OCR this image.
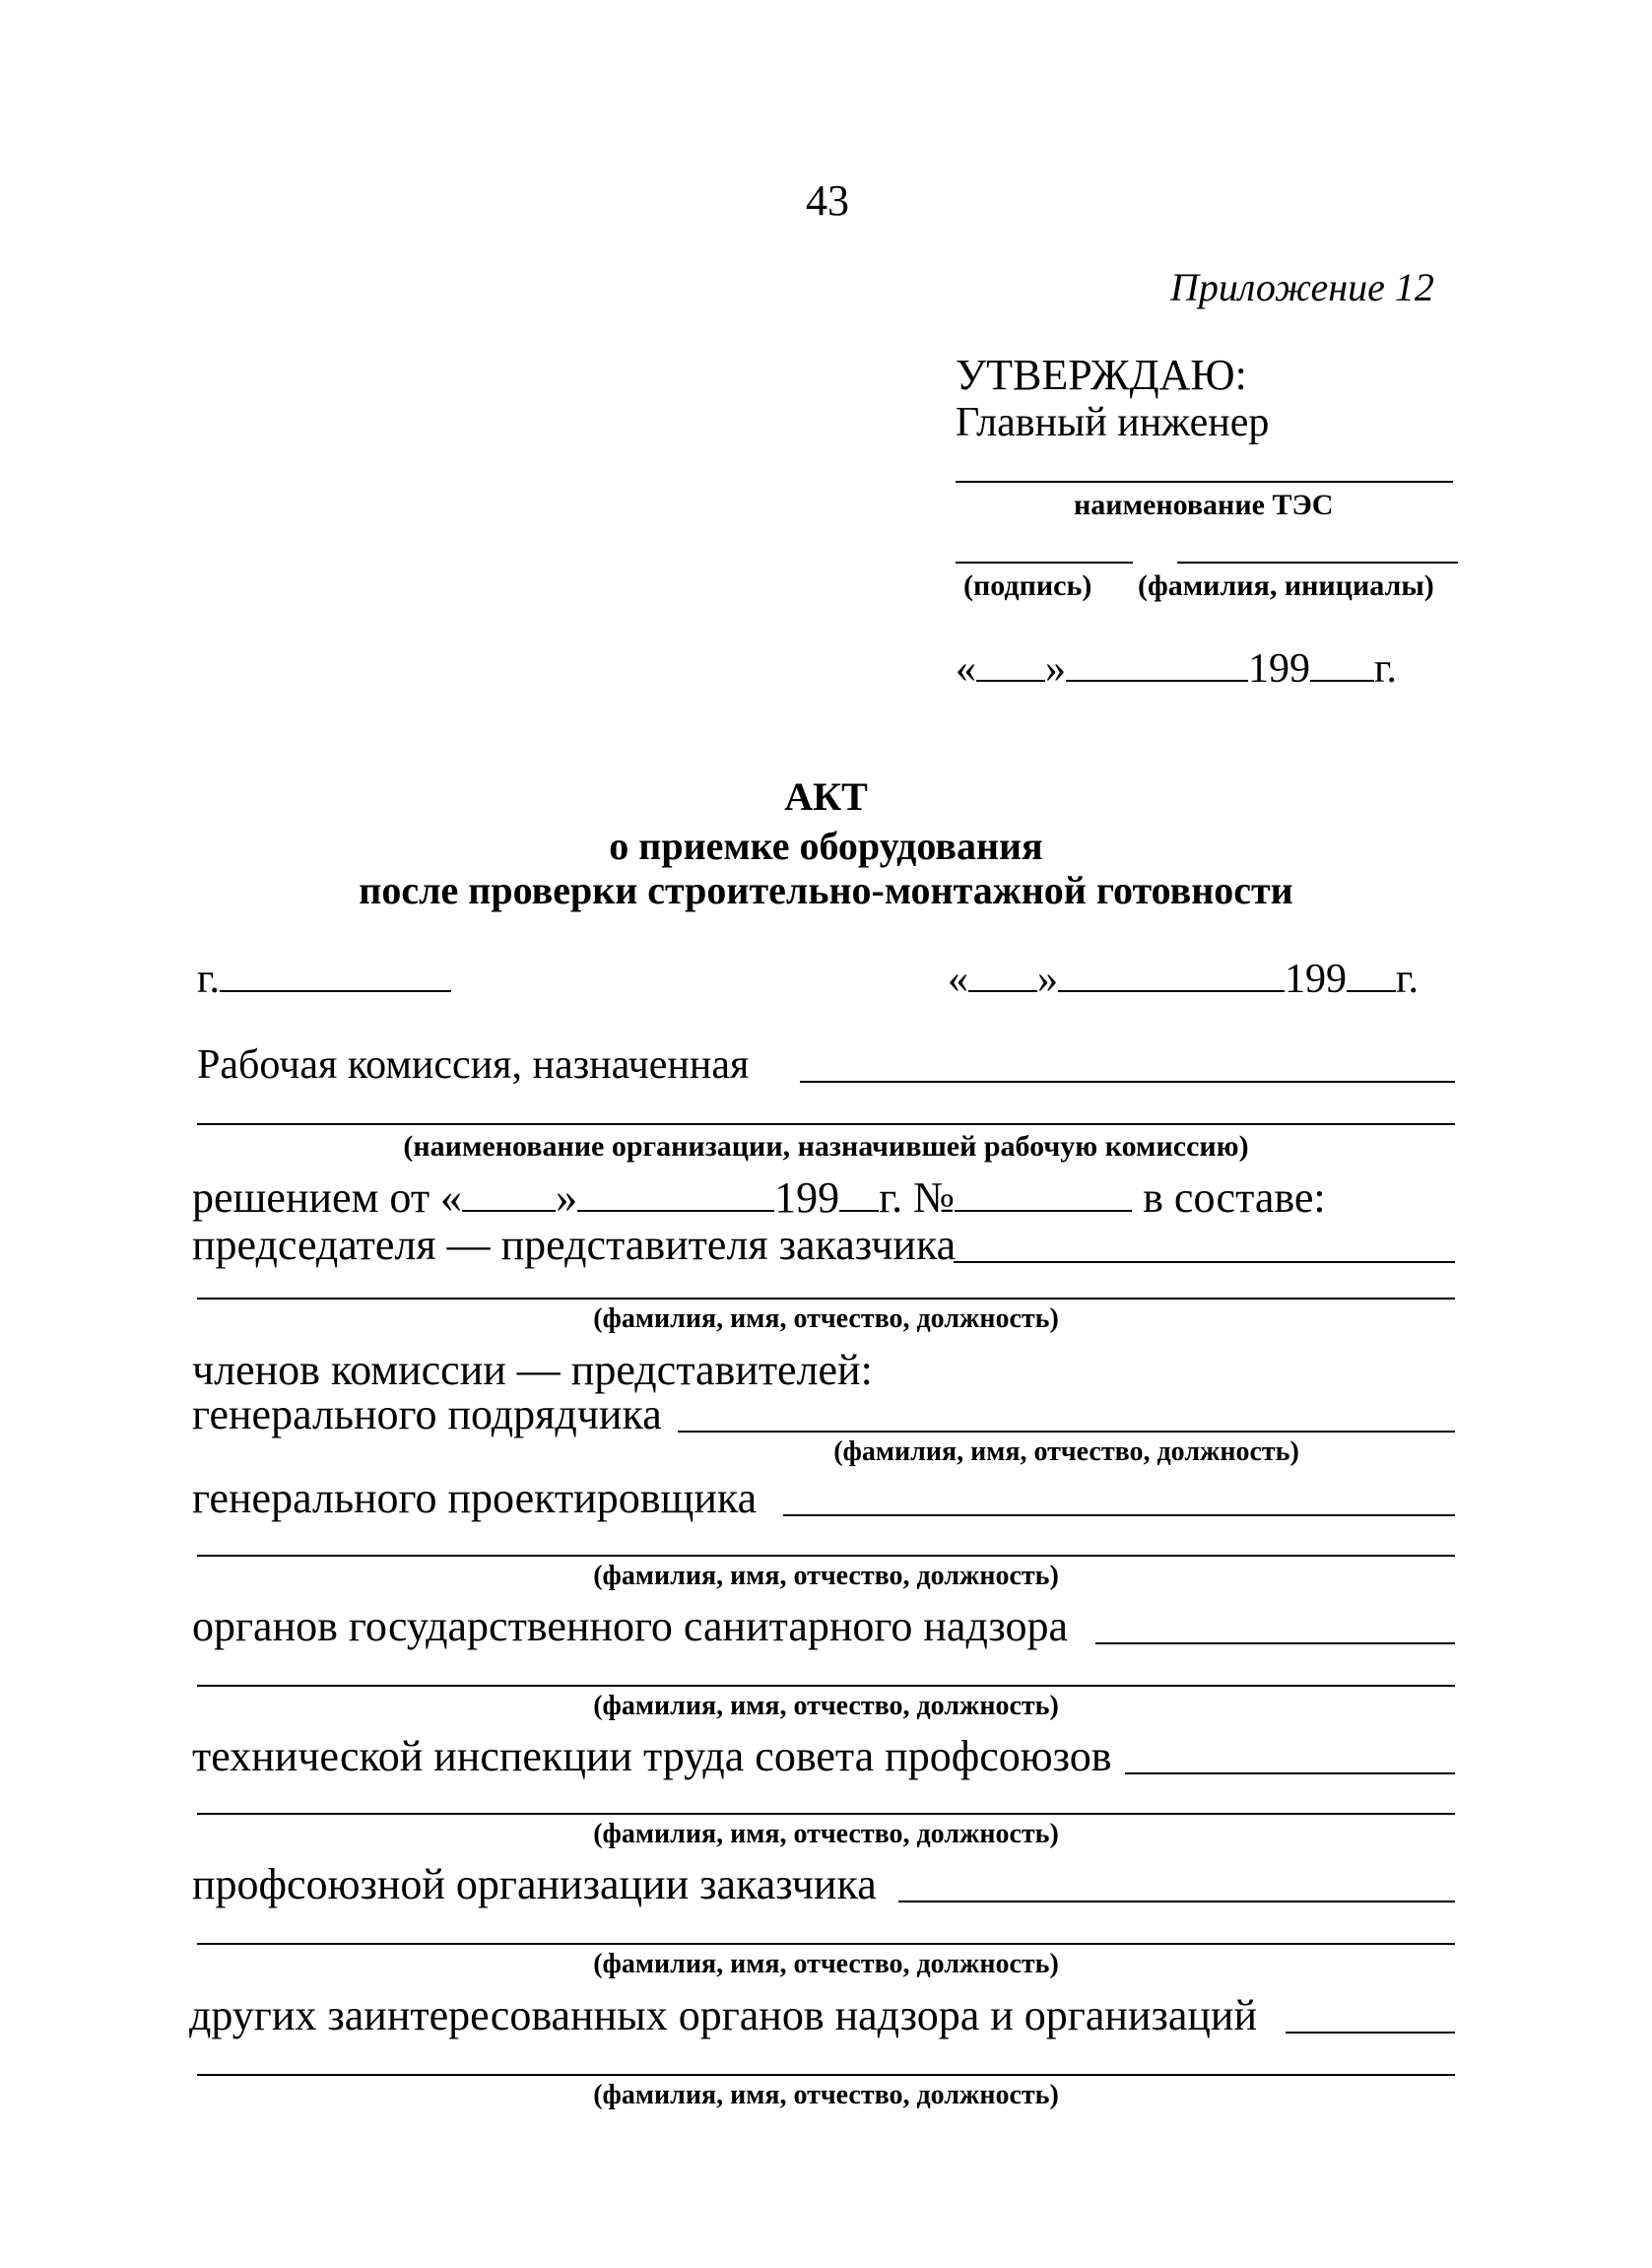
43
Приложение 12
УТВЕРЖДАЮ:
Главный инженер
наименование ТЭС
(подпись) (фамилия, инициалы)
« »	199 г.
АКТ
о приемке оборудования
после проверки строительно-монтажной готовности
г.	« »	199 г.
Рабочая комиссия, назначенная
(наименование организации, назначившей рабочую комиссию)
решением от « »	199 г. №	в составе:
председателя — представителя заказчика
(фамилия, имя, отчество, должность)
членов комиссии — представителей:
генерального подрядчика
(фамилия, имя, отчество, должность)
генерального проектировщика
(фамилия, имя, отчество, должность)
органов государственного санитарного надзора
(фамилия, имя, отчество, должность)
технической инспекции труда совета профсоюзов
(фамилия, имя, отчество, должность)
профсоюзной организации заказчика
(фамилия, имя, отчество, должность)
других заинтересованных органов надзора и организаций
(фамилия, имя, отчество, должность)
